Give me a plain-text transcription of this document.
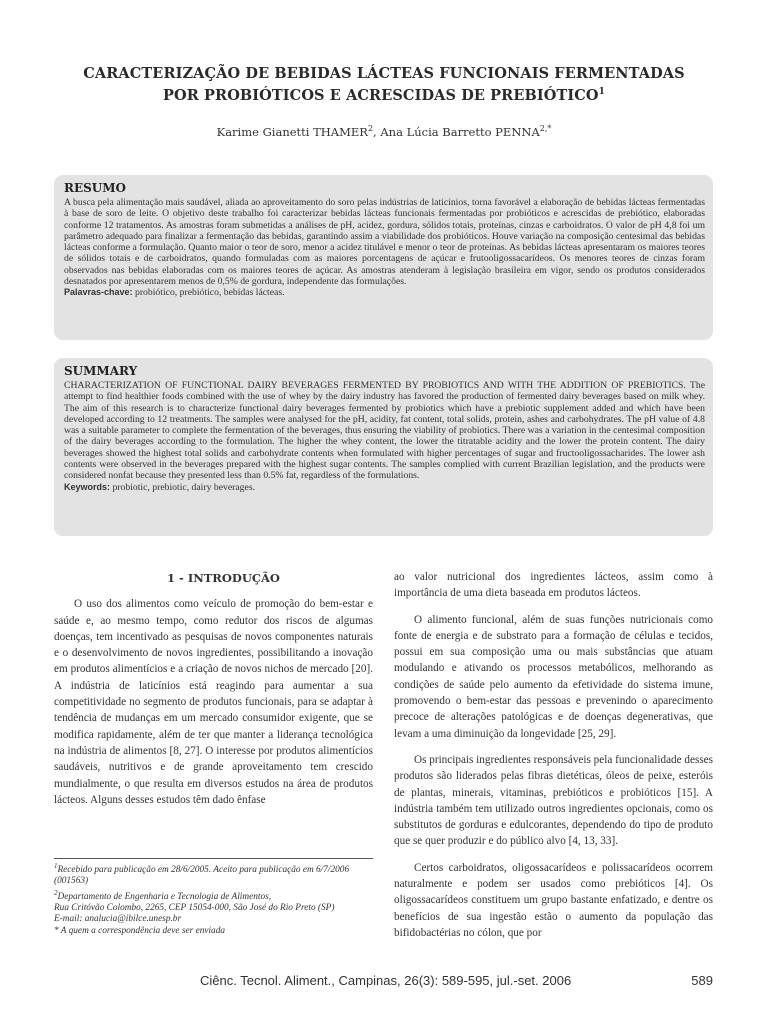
CARACTERIZAÇÃO DE BEBIDAS LÁCTEAS FUNCIONAIS FERMENTADAS
POR PROBIÓTICOS E ACRESCIDAS DE PREBIÓTICO$^1$
Karime Gianetti THAMER$^2$, Ana Lúcia Barretto $PENNA^{2,*}$
RESUMO
A busca pela alimentação mais saudável, aliada ao aproveitamento do soro pelas indústrias de laticínios, torna favorável a elaboração de bebidas lácteas fermentadas à base de soro de leite. O objetivo deste trabalho foi caracterizar bebidas lácteas funcionais fermentadas por probióticos e acrescidas de prebiótico, elaboradas conforme 12 tratamentos. As amostras foram submetidas a análises de pH, acidez, gordura, sólidos totais, proteínas, cinzas e carboidratos. O valor de pH 4,8 foi um parâmetro adequado para finalizar a fermentação das bebidas, garantindo assim a viabilidade dos probióticos. Houve variação na composição centesimal das bebidas lácteas conforme a formulação. Quanto maior o teor de soro, menor a acidez titulável e menor o teor de proteínas. As bebidas lácteas apresentaram os maiores teores de sólidos totais e de carboidratos, quando formuladas com as maiores porcentagens de açúcar e frutooligossacarídeos. Os menores teores de cinzas foram observados nas bebidas elaboradas com os maiores teores de açúcar. As amostras atenderam à legislação brasileira em vigor, sendo os produtos considerados desnatados por apresentarem menos de 0,5% de gordura, independente das formulações.
Palavras-chave: probiótico, prebiótico, bebidas lácteas.
SUMMARY
CHARACTERIZATION OF FUNCTIONAL DAIRY BEVERAGES FERMENTED BY PROBIOTICS AND WITH THE ADDITION OF PREBIOTICS. The attempt to find healthier foods combined with the use of whey by the dairy industry has favored the production of fermented dairy beverages based on milk whey. The aim of this research is to characterize functional dairy beverages fermented by probiotics which have a prebiotic supplement added and which have been developed according to 12 treatments. The samples were analysed for the pH, acidity, fat content, total solids, protein, ashes and carbohydrates. The pH value of 4.8 was a suitable parameter to complete the fermentation of the beverages, thus ensuring the viability of probiotics. There was a variation in the centesimal composition of the dairy beverages according to the formulation. The higher the whey content, the lower the titratable acidity and the lower the protein content. The dairy beverages showed the highest total solids and carbohydrate contents when formulated with higher percentages of sugar and fructooligossacharides. The lower ash contents were observed in the beverages prepared with the highest sugar contents. The samples complied with current Brazilian legislation, and the products were considered nonfat because they presented less than 0.5% fat, regardless of the formulations.
Keywords: probiotic, prebiotic, dairy beverages.

1 - INTRODUÇÃO

O uso dos alimentos como veículo de promoção do bem-estar e saúde e, ao mesmo tempo, como redutor dos riscos de algumas doenças, tem incentivado as pesquisas de novos componentes naturais e o desenvolvimento de novos ingredientes, possibilitando a inovação em produtos alimentícios e a criação de novos nichos de mercado [20]. A indústria de laticínios está reagindo para aumentar a sua competitividade no segmento de produtos funcionais, para se adaptar à tendência de mudanças em um mercado consumidor exigente, que se modifica rapidamente, além de ter que manter a liderança tecnológica na indústria de alimentos [8, 27]. O interesse por produtos alimentícios saudáveis, nutritivos e de grande aproveitamento tem crescido mundialmente, o que resulta em diversos estudos na área de produtos lácteos. Alguns desses estudos têm dado ênfase

ao valor nutricional dos ingredientes lácteos, assim como à importância de uma dieta baseada em produtos lácteos.

O alimento funcional, além de suas funções nutricionais como fonte de energia e de substrato para a formação de células e tecidos, possui em sua composição uma ou mais substâncias que atuam modulando e ativando os processos metabólicos, melhorando as condições de saúde pelo aumento da efetividade do sistema imune, promovendo o bem-estar das pessoas e prevenindo o aparecimento precoce de alterações patológicas e de doenças degenerativas, que levam a uma diminuição da longevidade [25, 29].

Os principais ingredientes responsáveis pela funcionalidade desses produtos são liderados pelas fibras dietéticas, óleos de peixe, esteróis de plantas, minerais, vitaminas, prebióticos e probióticos [15]. A indústria também tem utilizado outros ingredientes opcionais, como os substitutos de gorduras e edulcorantes, dependendo do tipo de produto que se quer produzir e do público alvo [4, 13, 33].

Certos carboidratos, oligossacarídeos e polissacarídeos ocorrem naturalmente e podem ser usados como prebióticos [4]. Os oligossacarídeos constituem um grupo bastante enfatizado, e dentre os benefícios de sua ingestão estão o aumento da população das bifidobactérias no cólon, que por

$^1$Recebido para publicação em 28/6/2005. Aceito para publicação em 6/7/2006 (001563)
$^2$Departamento de Engenharia e Tecnologia de Alimentos,
Rua Critóvão Colombo, 2265, CEP 15054-000, São José do Rio Preto (SP)
E-mail: analucia@ibilce.unesp.br
* A quem a correspondência deve ser enviada
Ciênc. Tecnol. Aliment., Campinas, 26(3): 589-595, jul.-set. 2006	589
